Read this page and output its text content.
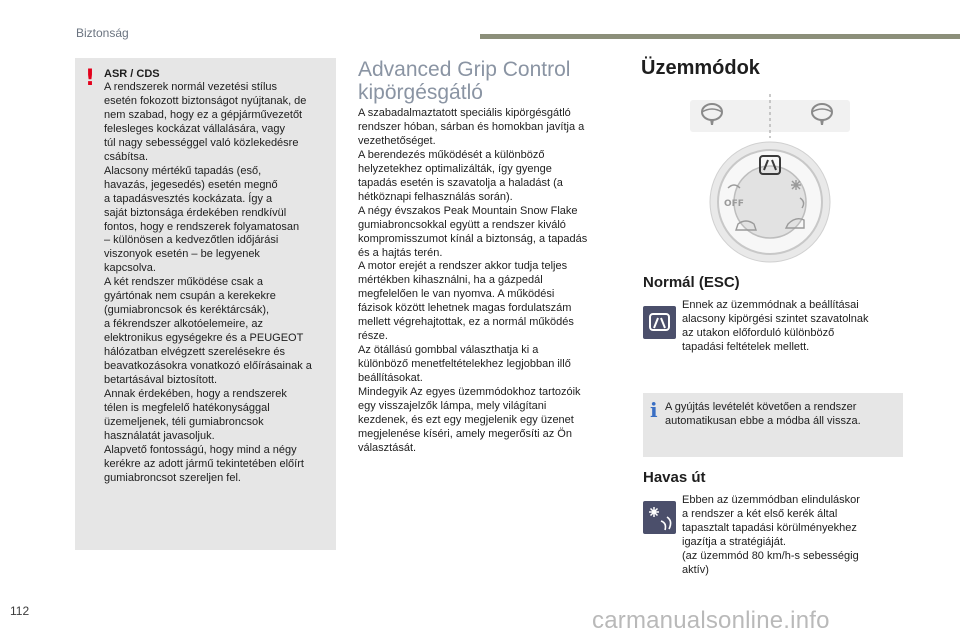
Biztonság
! ASR / CDS
A rendszerek normál vezetési stílus
esetén fokozott biztonságot nyújtanak, de
nem szabad, hogy ez a gépjárművezetőt
felesleges kockázat vállalására, vagy
túl nagy sebességgel való közlekedésre
csábítsa.
Alacsony mértékű tapadás (eső,
havazás, jegesedés) esetén megnő
a tapadásvesztés kockázata. Így a
saját biztonsága érdekében rendkívül
fontos, hogy e rendszerek folyamatosan
– különösen a kedvezőtlen időjárási
viszonyok esetén – be legyenek
kapcsolva.
A két rendszer működése csak a
gyártónak nem csupán a kerekekre
(gumiabroncsok és keréktárcsák),
a fékrendszer alkotóelemeire, az
elektronikus egységekre és a PEUGEOT
hálózatban elvégzett szerelésekre és
beavatkozásokra vonatkozó előírásainak a
betartásával biztosított.
Annak érdekében, hogy a rendszerek
télen is megfelelő hatékonysággal
üzemeljenek, téli gumiabroncsok
használatát javasoljuk.
Alapvető fontosságú, hogy mind a négy
kerékre az adott jármű tekintetében előírt
gumiabroncsot szereljen fel.
Advanced Grip Control
kipörgésgátló
A szabadalmaztatott speciális kipörgésgátló
rendszer hóban, sárban és homokban javítja a
vezethetőséget.
A berendezés működését a különböző
helyzetekhez optimalizálták, így gyenge
tapadás esetén is szavatolja a haladást (a
hétköznapi felhasználás során).
A négy évszakos Peak Mountain Snow Flake
gumiabroncsokkal együtt a rendszer kiváló
kompromisszumot kínál a biztonság, a tapadás
és a hajtás terén.
A motor erejét a rendszer akkor tudja teljes
mértékben kihasználni, ha a gázpedál
megfelelően le van nyomva. A működési
fázisok között lehetnek magas fordulatszám
mellett végrehajtottak, ez a normál működés
része.
Az ötállású gombbal választhatja ki a
különböző menetfeltételekhez legjobban illő
beállításokat.
Mindegyik Az egyes üzemmódokhoz tartozóik
egy visszajelzők lámpa, mely világítani
kezdenek, és ezt egy megjelenik egy üzenet
megjelenése kíséri, amely megerősíti az Ön
választását.
Üzemmódok
OFF
Normál (ESC)
Ennek az üzemmódnak a beállításai
alacsony kipörgési szintet szavatolnak
az utakon előforduló különböző
tapadási feltételek mellett.
i A gyújtás levételét követően a rendszer
automatikusan ebbe a módba áll vissza.
Havas út
Ebben az üzemmódban elinduláskor
a rendszer a két első kerék által
tapasztalt tapadási körülményekhez
igazítja a stratégiáját.
(az üzemmód 80 km/h-s sebességig
aktív)
112	carmanualsonline.info
